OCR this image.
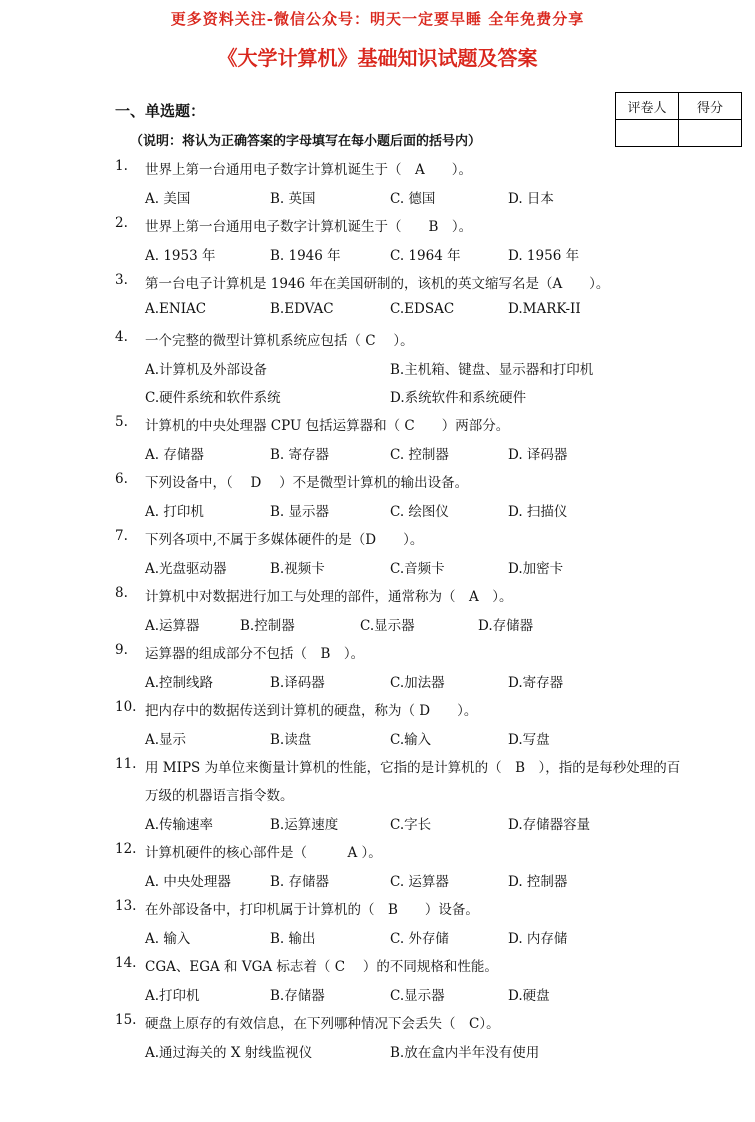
更多资料关注-微信公众号：明天一定要早睡 全年免费分享
《大学计算机》基础知识试题及答案
一、单选题：
（说明：将认为正确答案的字母填写在每小题后面的括号内）
评卷人	得分

1. 世界上第一台通用电子数字计算机诞生于（　A　　）。
A. 美国	B. 英国	C. 德国	D. 日本
2. 世界上第一台通用电子数字计算机诞生于（　　B　）。
A. 1953 年	B. 1946 年	C. 1964 年	D. 1956 年
3. 第一台电子计算机是 1946 年在美国研制的，该机的英文缩写名是（A　　）。
A.ENIAC	B.EDVAC	C.EDSAC	D.MARK-II
4. 一个完整的微型计算机系统应包括（ C　 ）。
A.计算机及外部设备	B.主机箱、键盘、显示器和打印机
C.硬件系统和软件系统	D.系统软件和系统硬件
5. 计算机的中央处理器 CPU 包括运算器和（ C　　）两部分。
A. 存储器	B. 寄存器	C. 控制器	D. 译码器
6. 下列设备中，（　 D　 ）不是微型计算机的输出设备。
A. 打印机	B. 显示器	C. 绘图仪	D. 扫描仪
7. 下列各项中,不属于多媒体硬件的是（D　　）。
A.光盘驱动器	B.视频卡	C.音频卡	D.加密卡
8. 计算机中对数据进行加工与处理的部件，通常称为（　A　）。
A.运算器	B.控制器	C.显示器	D.存储器
9. 运算器的组成部分不包括（　B　）。
A.控制线路	B.译码器	C.加法器	D.寄存器
10. 把内存中的数据传送到计算机的硬盘，称为（ D　　）。
A.显示	B.读盘	C.输入	D.写盘
11. 用 MIPS 为单位来衡量计算机的性能，它指的是计算机的（　B　），指的是每秒处理的百
万级的机器语言指令数。
A.传输速率	B.运算速度	C.字长	D.存储器容量
12. 计算机硬件的核心部件是（　　　A ）。
A. 中央处理器	B. 存储器	C. 运算器	D. 控制器
13. 在外部设备中，打印机属于计算机的（　B　　）设备。
A. 输入	B. 输出	C. 外存储	D. 内存储
14. CGA、EGA 和 VGA 标志着（ C　 ）的不同规格和性能。
A.打印机	B.存储器	C.显示器	D.硬盘
15. 硬盘上原存的有效信息，在下列哪种情况下会丢失（　C）。
A.通过海关的 X 射线监视仪	B.放在盒内半年没有使用
